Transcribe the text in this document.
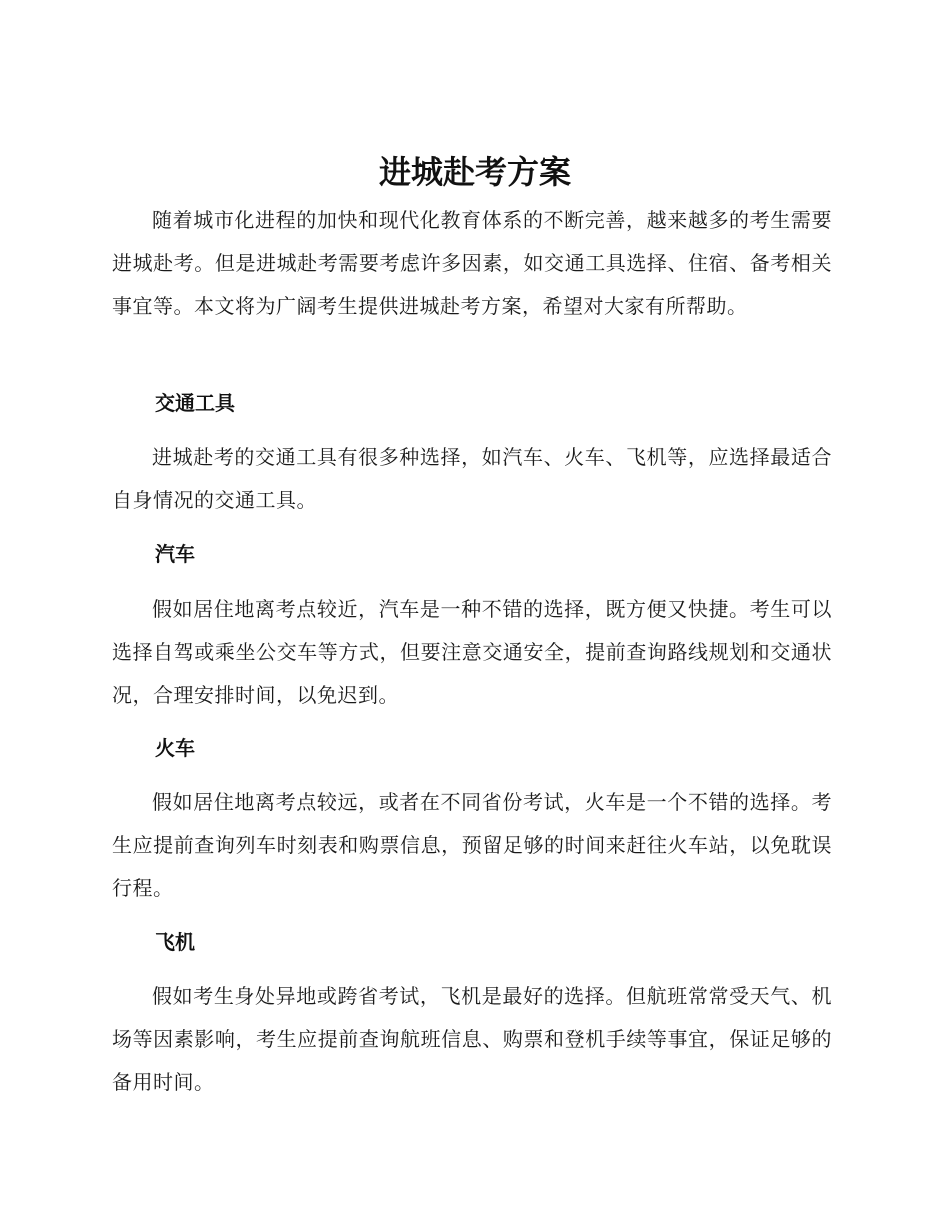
进城赴考方案

随着城市化进程的加快和现代化教育体系的不断完善，越来越多的考生需要进城赴考。但是进城赴考需要考虑许多因素，如交通工具选择、住宿、备考相关事宜等。本文将为广阔考生提供进城赴考方案，希望对大家有所帮助。

交通工具

进城赴考的交通工具有很多种选择，如汽车、火车、飞机等，应选择最适合自身情况的交通工具。

汽车

假如居住地离考点较近，汽车是一种不错的选择，既方便又快捷。考生可以选择自驾或乘坐公交车等方式，但要注意交通安全，提前查询路线规划和交通状况，合理安排时间，以免迟到。

火车

假如居住地离考点较远，或者在不同省份考试，火车是一个不错的选择。考生应提前查询列车时刻表和购票信息，预留足够的时间来赶往火车站，以免耽误行程。

飞机

假如考生身处异地或跨省考试，飞机是最好的选择。但航班常常受天气、机场等因素影响，考生应提前查询航班信息、购票和登机手续等事宜，保证足够的备用时间。
